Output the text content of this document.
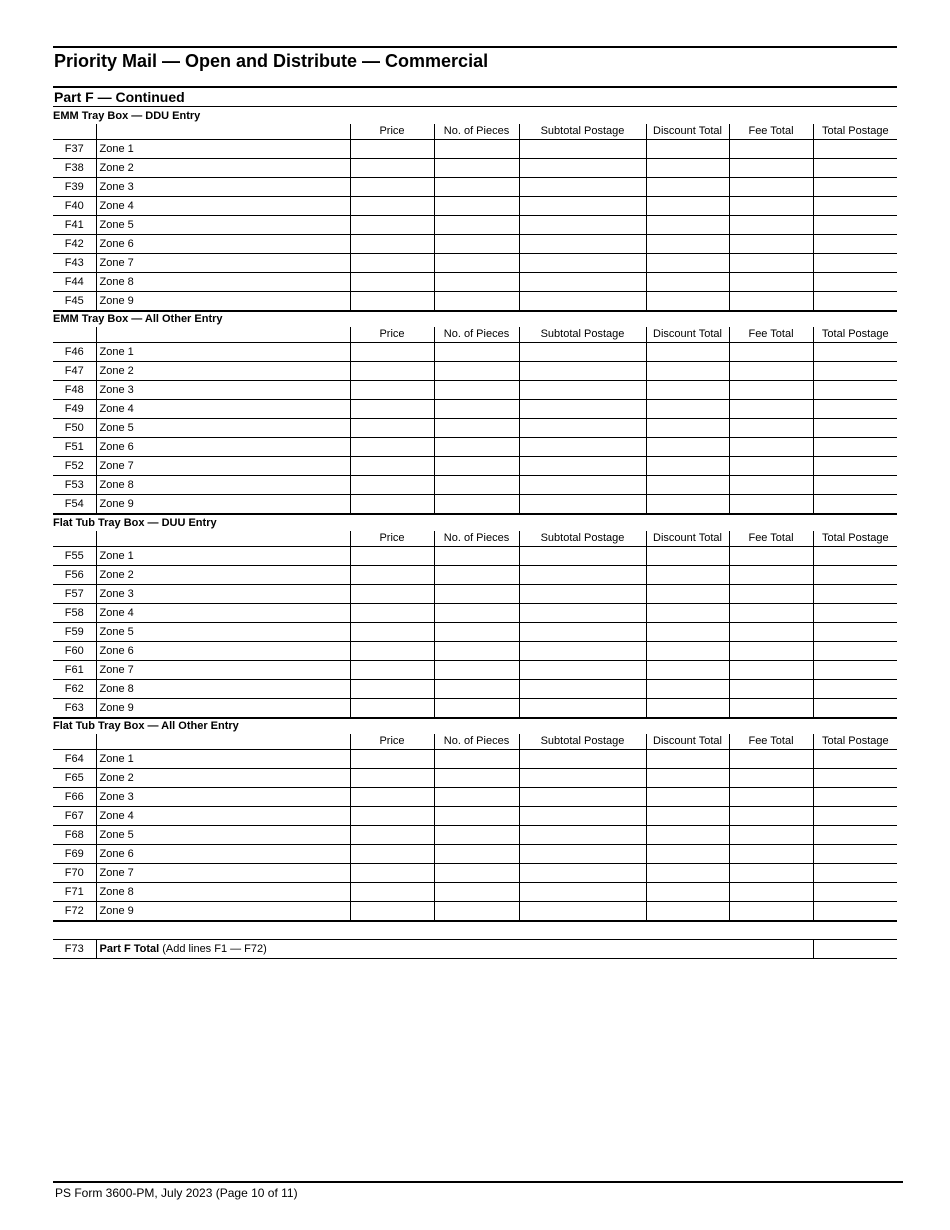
Priority Mail — Open and Distribute — Commercial
Part F — Continued
EMM Tray Box — DDU Entry							
		Price	No. of Pieces	Subtotal Postage	Discount Total	Fee Total	Total Postage
F37	Zone 1						
F38	Zone 2						
F39	Zone 3						
F40	Zone 4						
F41	Zone 5						
F42	Zone 6						
F43	Zone 7						
F44	Zone 8						
F45	Zone 9						
EMM Tray Box — All Other Entry							
		Price	No. of Pieces	Subtotal Postage	Discount Total	Fee Total	Total Postage
F46	Zone 1						
F47	Zone 2						
F48	Zone 3						
F49	Zone 4						
F50	Zone 5						
F51	Zone 6						
F52	Zone 7						
F53	Zone 8						
F54	Zone 9						
Flat Tub Tray Box — DUU Entry							
		Price	No. of Pieces	Subtotal Postage	Discount Total	Fee Total	Total Postage
F55	Zone 1						
F56	Zone 2						
F57	Zone 3						
F58	Zone 4						
F59	Zone 5						
F60	Zone 6						
F61	Zone 7						
F62	Zone 8						
F63	Zone 9						
Flat Tub Tray Box — All Other Entry							
		Price	No. of Pieces	Subtotal Postage	Discount Total	Fee Total	Total Postage
F64	Zone 1						
F65	Zone 2						
F66	Zone 3						
F67	Zone 4						
F68	Zone 5						
F69	Zone 6						
F70	Zone 7						
F71	Zone 8						
F72	Zone 9						
F73	Part F Total (Add lines F1 — F72)	
PS Form 3600-PM, July 2023 (Page 10 of 11)
